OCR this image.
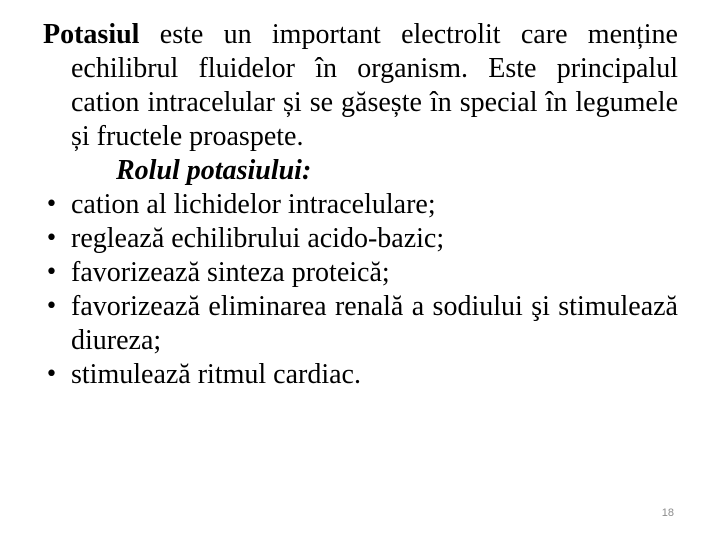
Potasiul este un important electrolit care menține echilibrul fluidelor în organism. Este principalul cation intracelular și se găsește în special în legumele și fructele proaspete.

Rolul potasiului:

• cation al lichidelor intracelulare;
• reglează echilibrului acido-bazic;
• favorizează sinteza proteică;
• favorizează eliminarea renală a sodiului şi stimulează diureza;
• stimulează ritmul cardiac.
18
